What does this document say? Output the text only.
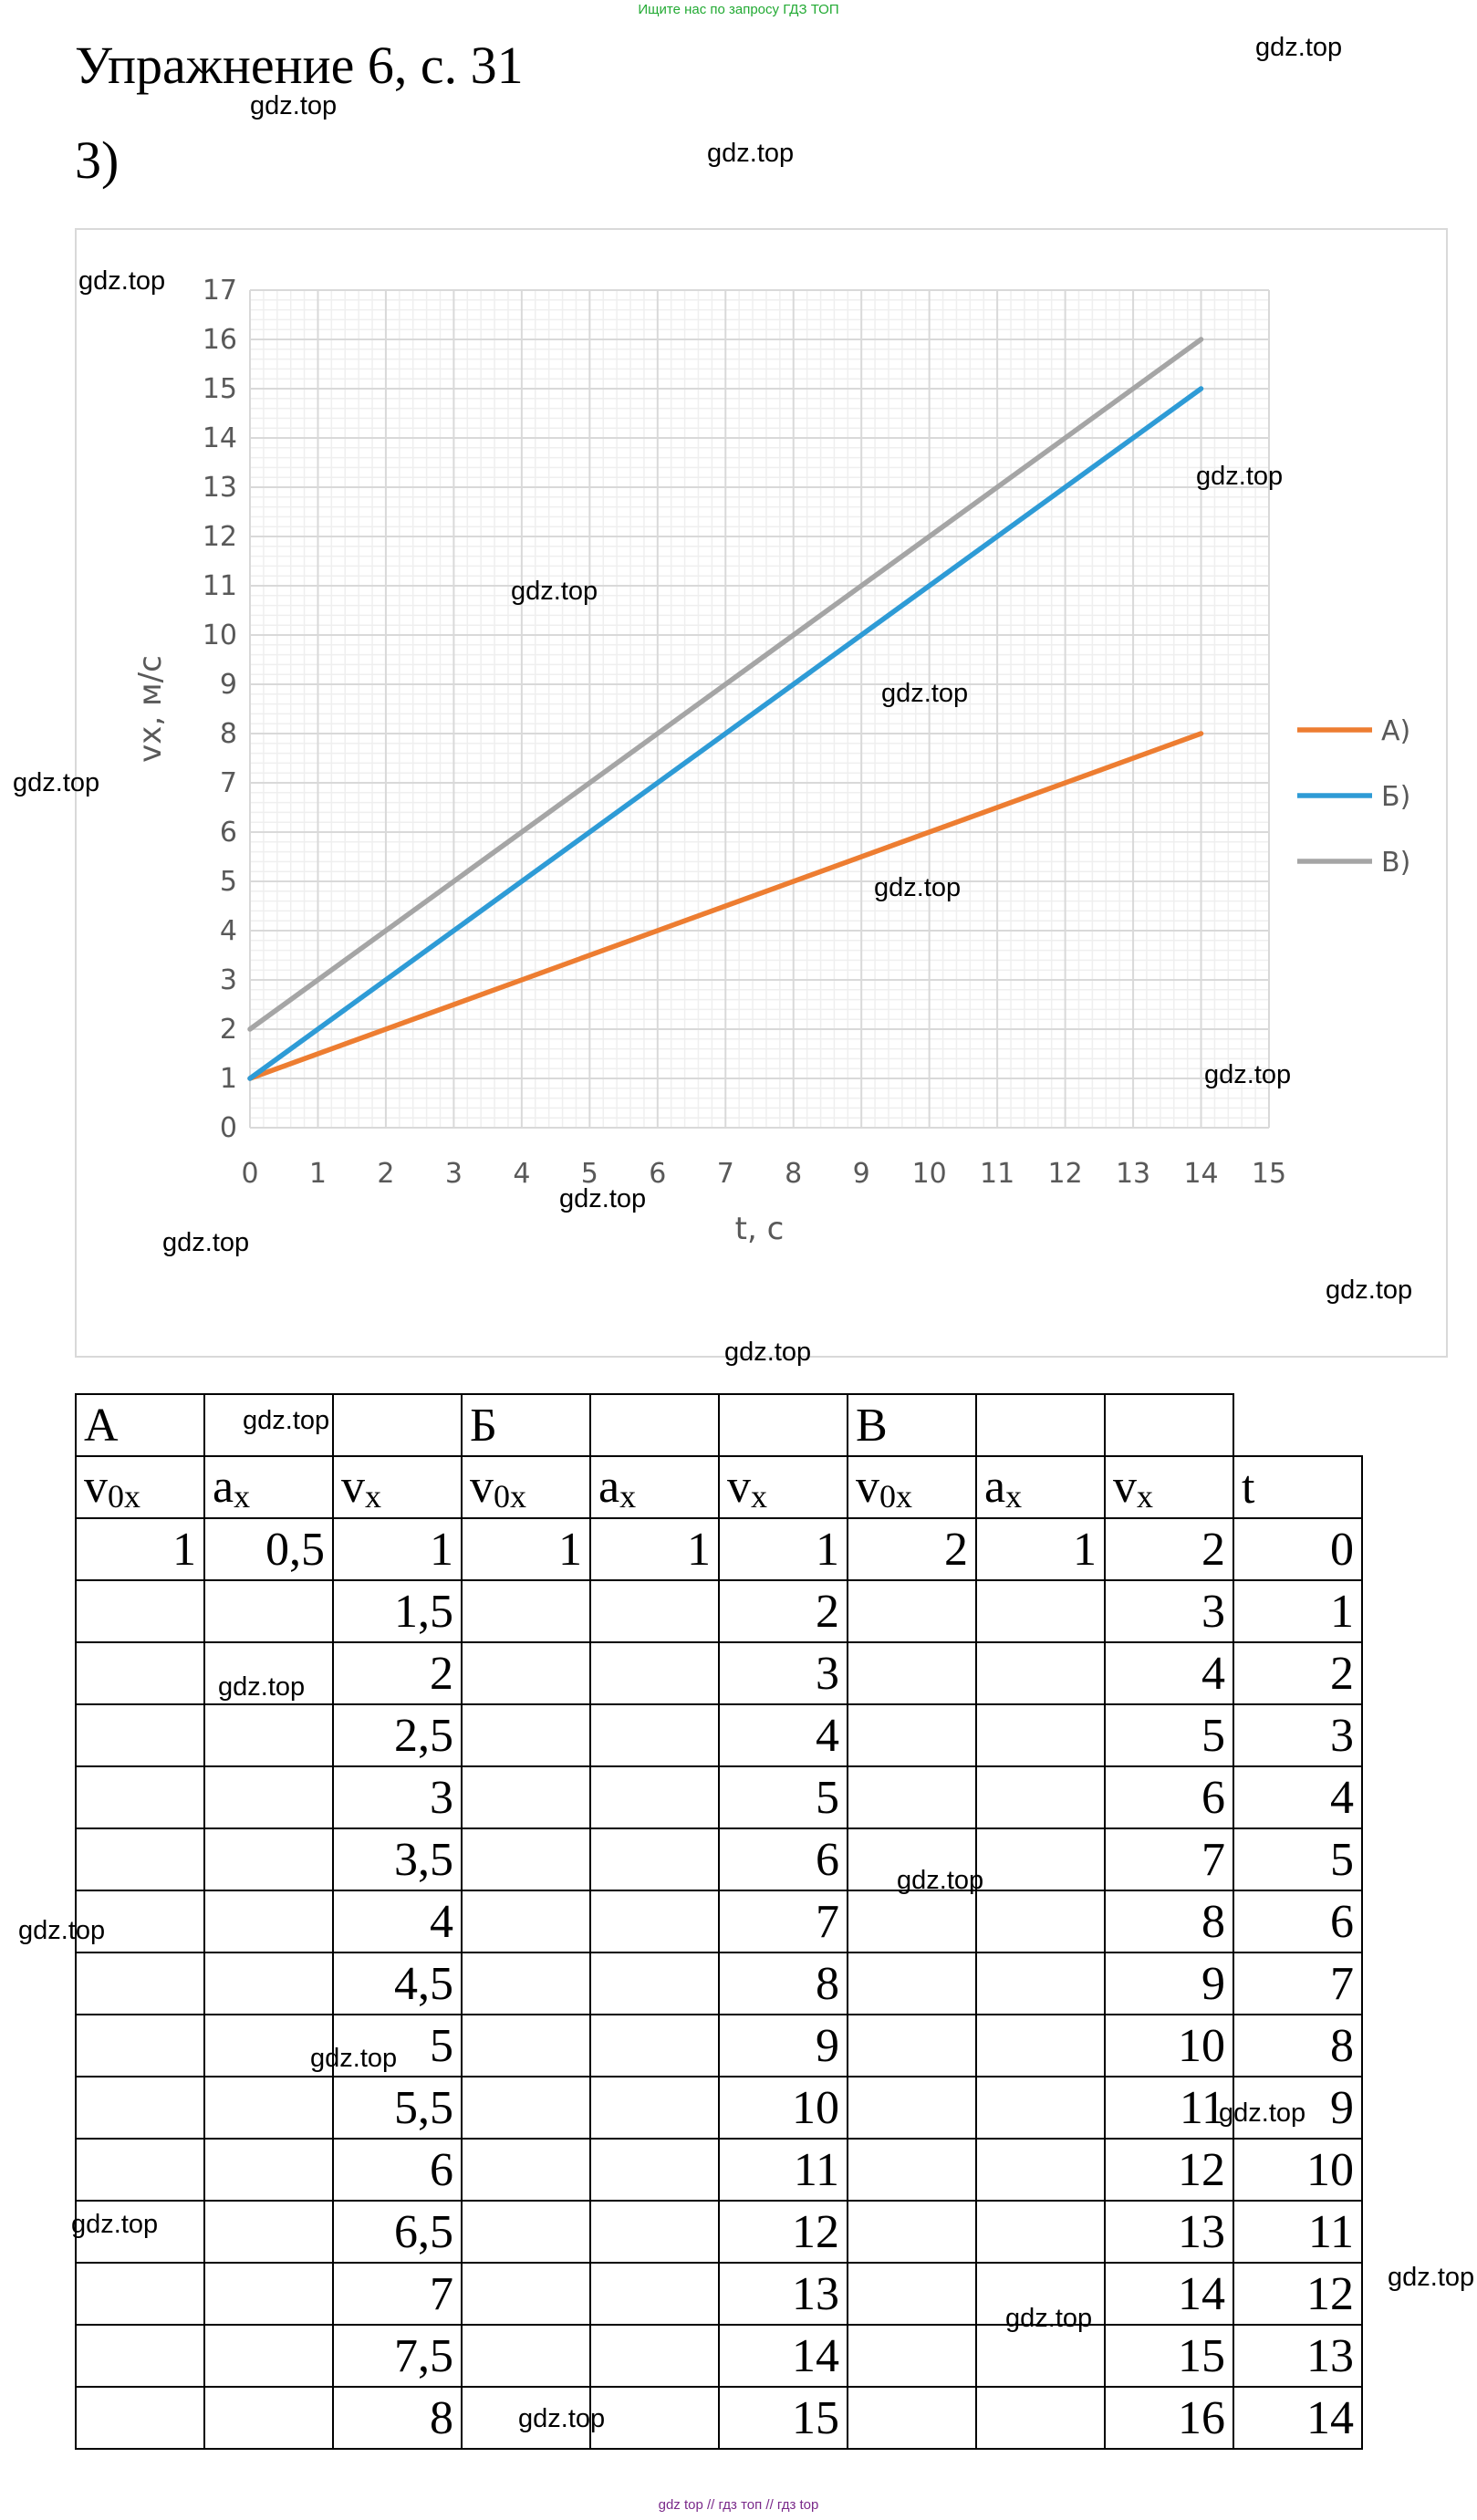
Ищите нас по запросу ГДЗ ТОП
Упражнение 6, с. 31
3)
0 1 2 3 4 5 6 7 8 9 10 11 12 13 14 15
0
1
2
3
4
5
6
7
8
9
10
11
12
13
14
15
16
17
t, с
vx, м/с	А)
Б)
В)
А			Б			В			
$v_{0x}$	$a_x$	$v_x$	$v_{0x}$	$a_x$	$v_x$	$v_{0x}$	$a_x$	$v_x$	t
1	0,5	1	1	1	1	2	1	2	0
		1,5			2			3	1
		2			3			4	2
		2,5			4			5	3
		3			5			6	4
		3,5			6			7	5
		4			7			8	6
		4,5			8			9	7
		5			9			10	8
		5,5			10			11	9
		6			11			12	10
		6,5			12			13	11
		7			13			14	12
		7,5			14			15	13
		8			15			16	14
gdz top // гдз топ // гдз top
gdz.top
gdz.top
gdz.top
gdz.top
gdz.top
gdz.top
gdz.top
gdz.top
gdz.top
gdz.top
gdz.top
gdz.top
gdz.top
gdz.top
gdz.top
gdz.top
gdz.top
gdz.top
gdz.top
gdz.top
gdz.top
gdz.top
gdz.top
gdz.top
